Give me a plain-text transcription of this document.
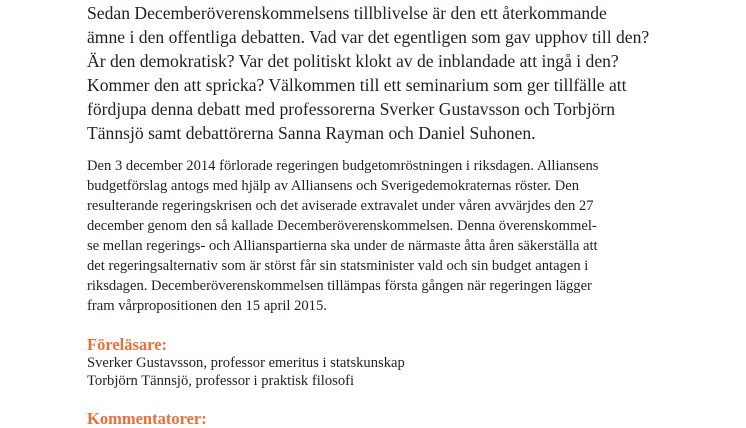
Sedan Decemberöverenskommelsens tillblivelse är den ett återkommande
ämne i den offentliga debatten. Vad var det egentligen som gav upphov till den?
Är den demokratisk? Var det politiskt klokt av de inblandade att ingå i den?
Kommer den att spricka? Välkommen till ett seminarium som ger tillfälle att
fördjupa denna debatt med professorerna Sverker Gustavsson och Torbjörn
Tännsjö samt debattörerna Sanna Rayman och Daniel Suhonen.

Den 3 december 2014 förlorade regeringen budgetomröstningen i riksdagen. Alliansens
budgetförslag antogs med hjälp av Alliansens och Sverigedemokraternas röster. Den
resulterande regeringskrisen och det aviserade extravalet under våren avvärjdes den 27
december genom den så kallade Decemberöverenskommelsen. Denna överenskommel-
se mellan regerings- och Allianspartierna ska under de närmaste åtta åren säkerställa att
det regeringsalternativ som är störst får sin statsminister vald och sin budget antagen i
riksdagen. Decemberöverenskommelsen tillämpas första gången när regeringen lägger
fram vårpropositionen den 15 april 2015.

Föreläsare:

Sverker Gustavsson, professor emeritus i statskunskap
Torbjörn Tännsjö, professor i praktisk filosofi

Kommentatorer:
